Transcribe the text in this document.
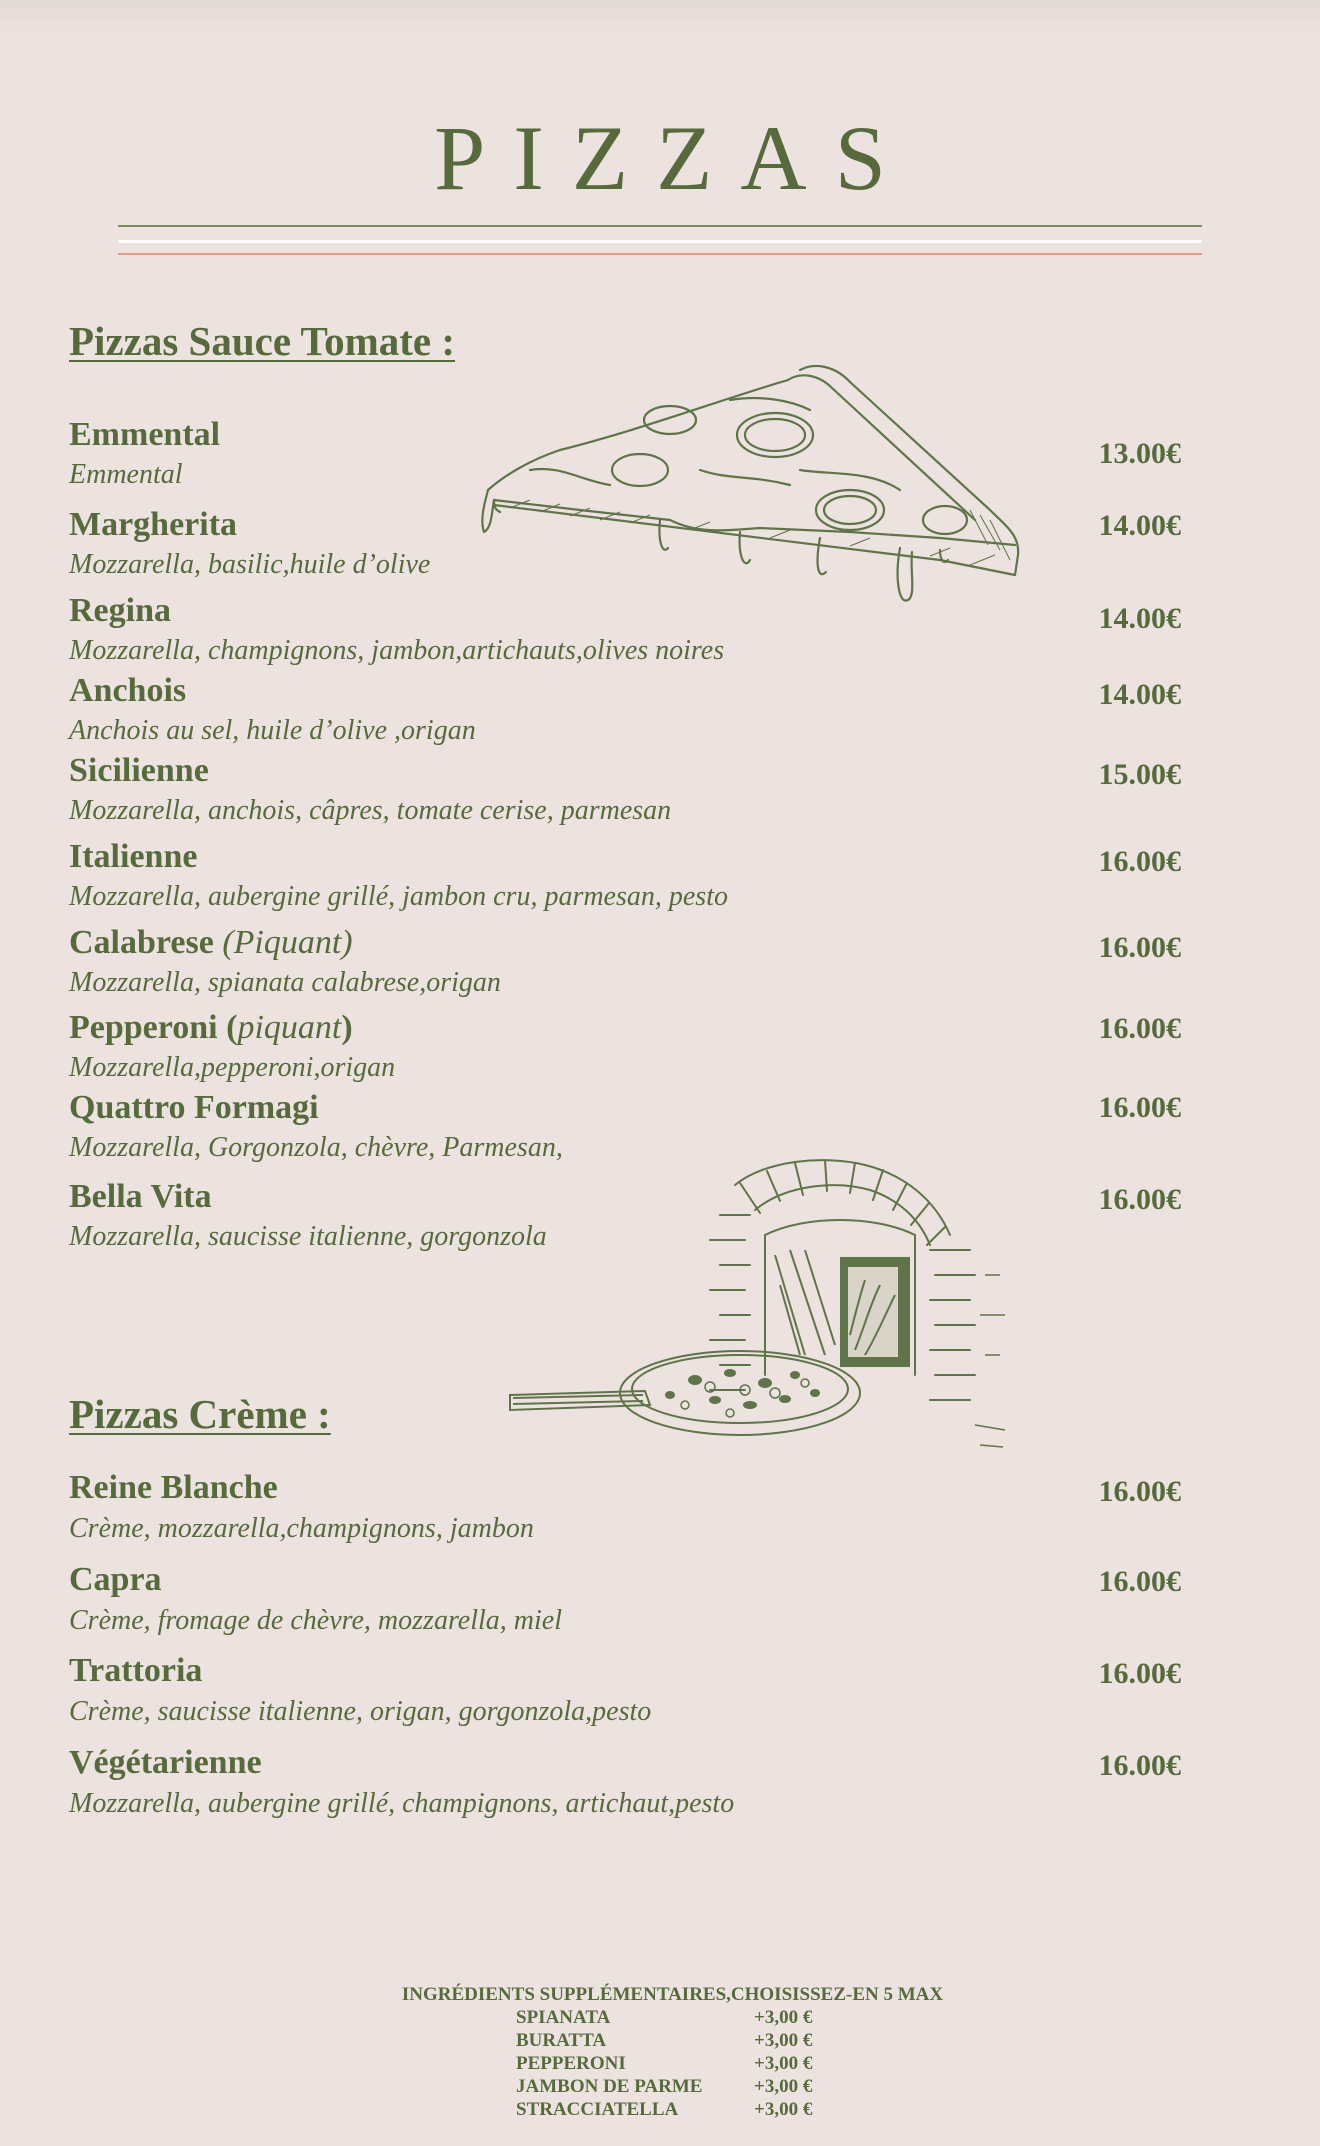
PIZZAS
Pizzas Sauce Tomate :
Emmental
Emmental
13.00€
Margherita
Mozzarella, basilic,huile d’olive
14.00€
Regina
Mozzarella, champignons, jambon,artichauts,olives noires
14.00€
Anchois
Anchois au sel, huile d’olive ,origan
14.00€
Sicilienne
Mozzarella, anchois, câpres, tomate cerise, parmesan
15.00€
Italienne
Mozzarella, aubergine grillé, jambon cru, parmesan, pesto
16.00€
Calabrese (Piquant)
Mozzarella, spianata calabrese,origan
16.00€
Pepperoni (piquant)
Mozzarella,pepperoni,origan
16.00€
Quattro Formagi
Mozzarella, Gorgonzola, chèvre, Parmesan,
16.00€
Bella Vita
Mozzarella, saucisse italienne, gorgonzola
16.00€
Pizzas Crème :
Reine Blanche
Crème, mozzarella,champignons, jambon
16.00€
Capra
Crème, fromage de chèvre, mozzarella, miel
16.00€
Trattoria
Crème, saucisse italienne, origan, gorgonzola,pesto
16.00€
Végétarienne
Mozzarella, aubergine grillé, champignons, artichaut,pesto
16.00€
INGRÉDIENTS SUPPLÉMENTAIRES,CHOISISSEZ-EN 5 MAX
SPIANATA	+3,00 €
BURATTA	+3,00 €
PEPPERONI	+3,00 €
JAMBON DE PARME	+3,00 €
STRACCIATELLA	+3,00 €
